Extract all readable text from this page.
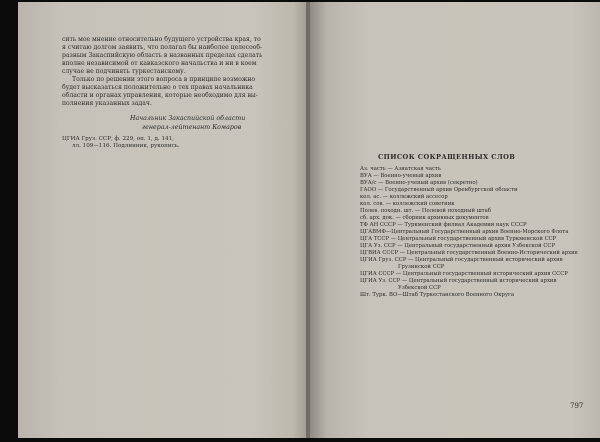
сить мое мнение относительно будущего устройства края, то
я считаю долгом заявить, что полагал бы наиболее целесооб-
разным Закаспийскую область в названных пределах сделать
вполне независимой от кавказского начальства и ни в коем
случае не подчинять туркестанскому.
Только по решении этого вопроса в принципе возможно
будет высказаться положительно о тех правах начальника
области и органах управления, которые необходимо для вы-
полнения указанных задач.
Начальник Закаспийской области
генерал-лейтенант Комаров
ЦГИА Груз. ССР, ф. 229, оп. 1, д. 141,
лл. 109—116. Подлинник, рукопись.
СПИСОК СОКРАЩЕННЫХ СЛОВ
Аз. часть — Азиатская часть
ВУА — Военно-ученый архив
ВУА/с — Военно-ученый архив (секретно)
ГАОО — Государственный архив Оренбургской области
кол. ас. — коллежский ассесор
кол. сов. — коллежский советник
Полев. походн. шт. — Полевой походный штаб
сб. арх. док. — сборник архивных документов
ТФ АН СССР — Туркменский филиал Академии наук СССР
ЦГАВМФ—Центральный Государственный архив Военно-Морского Флота
ЦГА ТССР — Центральный государственный архив Туркменской ССР
ЦГА Уз. ССР — Центральный государственный архив Узбекской ССР
ЦГВИА СССР — Центральный государственный Военно-Исторический архив
ЦГИА Груз. ССР — Центральный государственный исторический архив
Грузинской ССР
ЦГИА СССР — Центральный государственный исторический архив СССР
ЦГИА Уз. ССР — Центральный государственный исторический архив
Узбекской ССР
Шт. Турк. ВО—Штаб Туркестанского Военного Округа
797
